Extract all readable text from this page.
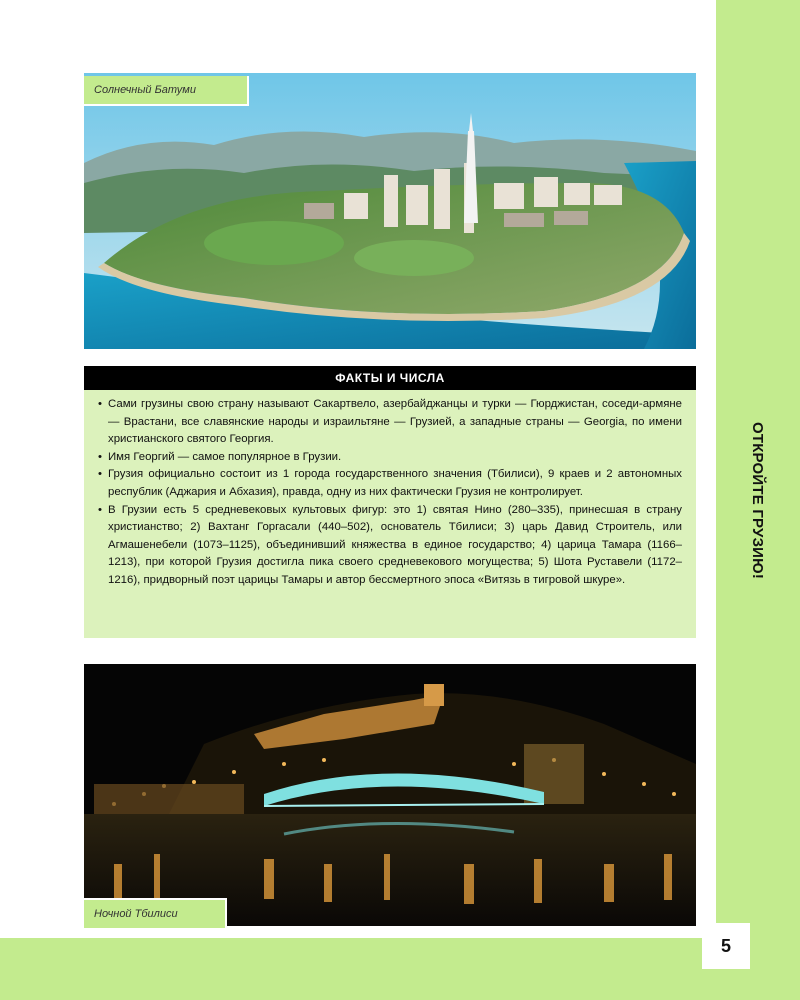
ОТКРОЙТЕ ГРУЗИЮ!
Солнечный Батуми
ФАКТЫ И ЧИСЛА
• Сами грузины свою страну называют Сакартвело, азербайджанцы и турки — Гюрджистан, соседи-армяне — Врастани, все славянские народы и израильтяне — Грузией, а западные страны — Georgia, по имени христианского святого Георгия.
• Имя Георгий — самое популярное в Грузии.
• Грузия официально состоит из 1 города государственного значения (Тбилиси), 9 краев и 2 автономных республик (Аджария и Абхазия), правда, одну из них фактически Грузия не контролирует.
• В Грузии есть 5 средневековых культовых фигур: это 1) святая Нино (280–335), принесшая в страну христианство; 2) Вахтанг Горгасали (440–502), основатель Тбилиси; 3) царь Давид Строитель, или Агмашенебели (1073–1125), объединивший княжества в единое государство; 4) царица Тамара (1166–1213), при которой Грузия достигла пика своего средневекового могущества; 5) Шота Руставели (1172–1216), придворный поэт царицы Тамары и автор бессмертного эпоса «Витязь в тигровой шкуре».
Ночной Тбилиси
5
